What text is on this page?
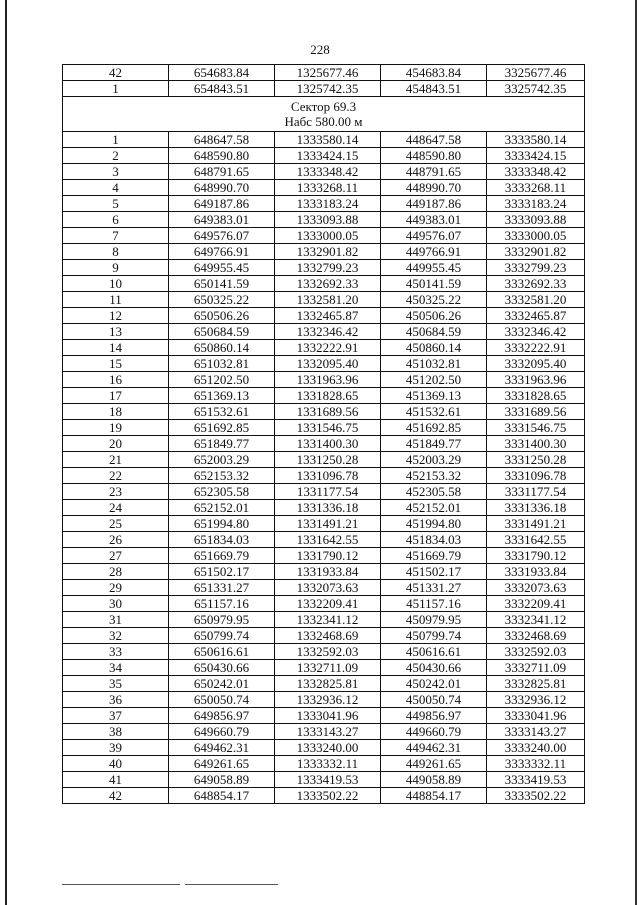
228
42	654683.84	1325677.46	454683.84	3325677.46
1	654843.51	1325742.35	454843.51	3325742.35

Сектор 69.3
Набс 580.00 м				

1	648647.58	1333580.14	448647.58	3333580.14
2	648590.80	1333424.15	448590.80	3333424.15
3	648791.65	1333348.42	448791.65	3333348.42
4	648990.70	1333268.11	448990.70	3333268.11
5	649187.86	1333183.24	449187.86	3333183.24
6	649383.01	1333093.88	449383.01	3333093.88
7	649576.07	1333000.05	449576.07	3333000.05
8	649766.91	1332901.82	449766.91	3332901.82
9	649955.45	1332799.23	449955.45	3332799.23
10	650141.59	1332692.33	450141.59	3332692.33
11	650325.22	1332581.20	450325.22	3332581.20
12	650506.26	1332465.87	450506.26	3332465.87
13	650684.59	1332346.42	450684.59	3332346.42
14	650860.14	1332222.91	450860.14	3332222.91
15	651032.81	1332095.40	451032.81	3332095.40
16	651202.50	1331963.96	451202.50	3331963.96
17	651369.13	1331828.65	451369.13	3331828.65
18	651532.61	1331689.56	451532.61	3331689.56
19	651692.85	1331546.75	451692.85	3331546.75
20	651849.77	1331400.30	451849.77	3331400.30
21	652003.29	1331250.28	452003.29	3331250.28
22	652153.32	1331096.78	452153.32	3331096.78
23	652305.58	1331177.54	452305.58	3331177.54
24	652152.01	1331336.18	452152.01	3331336.18
25	651994.80	1331491.21	451994.80	3331491.21
26	651834.03	1331642.55	451834.03	3331642.55
27	651669.79	1331790.12	451669.79	3331790.12
28	651502.17	1331933.84	451502.17	3331933.84
29	651331.27	1332073.63	451331.27	3332073.63
30	651157.16	1332209.41	451157.16	3332209.41
31	650979.95	1332341.12	450979.95	3332341.12
32	650799.74	1332468.69	450799.74	3332468.69
33	650616.61	1332592.03	450616.61	3332592.03
34	650430.66	1332711.09	450430.66	3332711.09
35	650242.01	1332825.81	450242.01	3332825.81
36	650050.74	1332936.12	450050.74	3332936.12
37	649856.97	1333041.96	449856.97	3333041.96
38	649660.79	1333143.27	449660.79	3333143.27
39	649462.31	1333240.00	449462.31	3333240.00
40	649261.65	1333332.11	449261.65	3333332.11
41	649058.89	1333419.53	449058.89	3333419.53
42	648854.17	1333502.22	448854.17	3333502.22
